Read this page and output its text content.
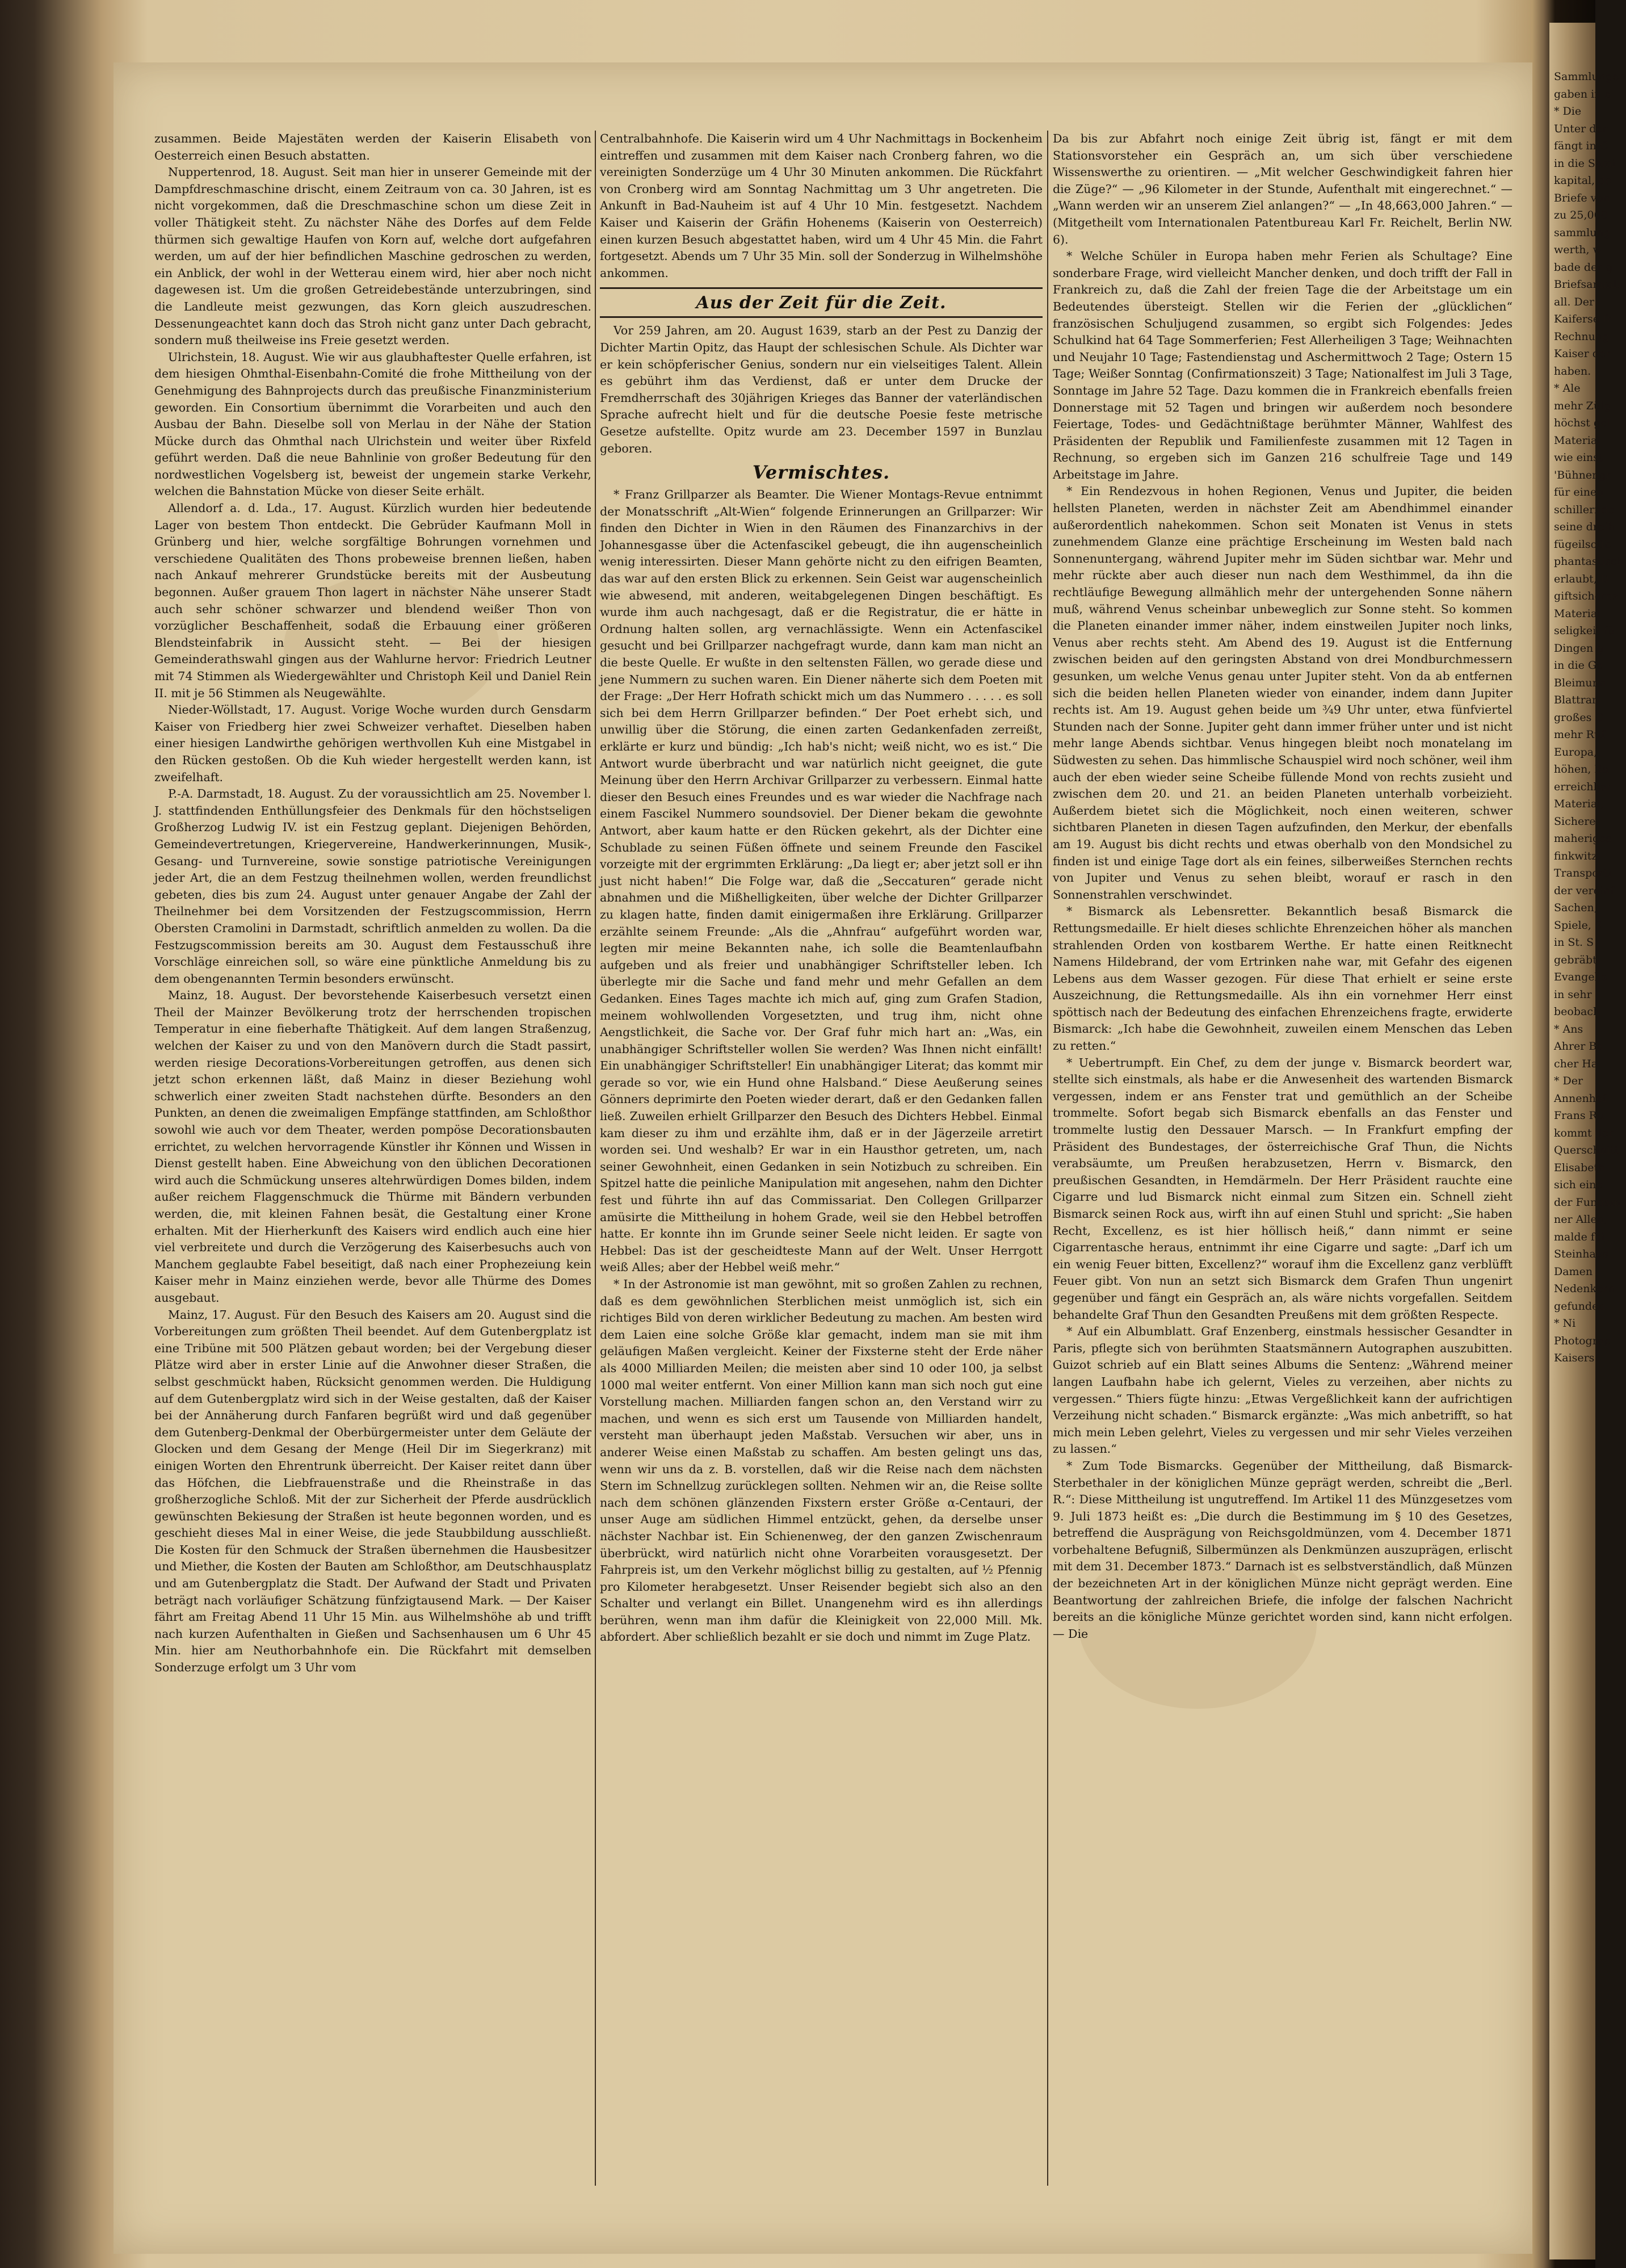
Sammlungen
gaben in a
* Die
Unter der
fängt in C
in die Sami
kapital, de
Briefe von
zu 25,000
sammlung
werth, w
bade der g
Briefsammlu
all. Der
Kaiferse fr
Rechnung
Kaiser der
haben.
* Ale
mehr Zülg
höchst gel
Material
wie einst
'Bühnengr
für einen
schillernde
seine dreih
fügeilsoffe
phantastisch
erlaubt, D
giftsicheres
Material
seligkeit fü
Dingen g
in die Ge
Bleimunn
Blattran
großes G
mehr Ruf
Europa,
höhen, Ba
erreichbar
Material,
Sichere
maheriges
finkwitz
Transporti
der vereinf
Sachen,
Spiele, S
in St. S
gebräbt.
Evangelis
in sehr
beobach
* Ans
Ahrer Ba
cher Ha
* Der
Annenhof
Frans Ru
kommt der
Querschnitt
Elisabeth
sich eine
der Fundam
ner Allen,
malde fei
Steinhaus
Damen
Nedenkern
gefunden
* Ni
Photograp
Kaisers

zusammen. Beide Majestäten werden der Kaiserin Elisabeth von Oesterreich einen Besuch abstatten.

Nuppertenrod, 18. August. Seit man hier in unserer Gemeinde mit der Dampfdreschmaschine drischt, einem Zeitraum von ca. 30 Jahren, ist es nicht vorgekommen, daß die Dreschmaschine schon um diese Zeit in voller Thätigkeit steht. Zu nächster Nähe des Dorfes auf dem Felde thürmen sich gewaltige Haufen von Korn auf, welche dort aufgefahren werden, um auf der hier befindlichen Maschine gedroschen zu werden, ein Anblick, der wohl in der Wetterau einem wird, hier aber noch nicht dagewesen ist. Um die großen Getreidebestände unterzubringen, sind die Landleute meist gezwungen, das Korn gleich auszudreschen. Dessenungeachtet kann doch das Stroh nicht ganz unter Dach gebracht, sondern muß theilweise ins Freie gesetzt werden.

Ulrichstein, 18. August. Wie wir aus glaubhaftester Quelle erfahren, ist dem hiesigen Ohmthal-Eisenbahn-Comité die frohe Mittheilung von der Genehmigung des Bahnprojects durch das preußische Finanzministerium geworden. Ein Consortium übernimmt die Vorarbeiten und auch den Ausbau der Bahn. Dieselbe soll von Merlau in der Nähe der Station Mücke durch das Ohmthal nach Ulrichstein und weiter über Rixfeld geführt werden. Daß die neue Bahnlinie von großer Bedeutung für den nordwestlichen Vogelsberg ist, beweist der ungemein starke Verkehr, welchen die Bahnstation Mücke von dieser Seite erhält.

Allendorf a. d. Lda., 17. August. Kürzlich wurden hier bedeutende Lager von bestem Thon entdeckt. Die Gebrüder Kaufmann Moll in Grünberg und hier, welche sorgfältige Bohrungen vornehmen und verschiedene Qualitäten des Thons probeweise brennen ließen, haben nach Ankauf mehrerer Grundstücke bereits mit der Ausbeutung begonnen. Außer grauem Thon lagert in nächster Nähe unserer Stadt auch sehr schöner schwarzer und blendend weißer Thon von vorzüglicher Beschaffenheit, sodaß die Erbauung einer größeren Blendsteinfabrik in Aussicht steht. — Bei der hiesigen Gemeinderathswahl gingen aus der Wahlurne hervor: Friedrich Leutner mit 74 Stimmen als Wiedergewählter und Christoph Keil und Daniel Rein II. mit je 56 Stimmen als Neugewählte.

Nieder-Wöllstadt, 17. August. Vorige Woche wurden durch Gensdarm Kaiser von Friedberg hier zwei Schweizer verhaftet. Dieselben haben einer hiesigen Landwirthe gehörigen werthvollen Kuh eine Mistgabel in den Rücken gestoßen. Ob die Kuh wieder hergestellt werden kann, ist zweifelhaft.

P.-A. Darmstadt, 18. August. Zu der voraussichtlich am 25. November l. J. stattfindenden Enthüllungsfeier des Denkmals für den höchstseligen Großherzog Ludwig IV. ist ein Festzug geplant. Diejenigen Behörden, Gemeindevertretungen, Kriegervereine, Handwerkerinnungen, Musik-, Gesang- und Turnvereine, sowie sonstige patriotische Vereinigungen jeder Art, die an dem Festzug theilnehmen wollen, werden freundlichst gebeten, dies bis zum 24. August unter genauer Angabe der Zahl der Theilnehmer bei dem Vorsitzenden der Festzugscommission, Herrn Obersten Cramolini in Darmstadt, schriftlich anmelden zu wollen. Da die Festzugscommission bereits am 30. August dem Festausschuß ihre Vorschläge einreichen soll, so wäre eine pünktliche Anmeldung bis zu dem obengenannten Termin besonders erwünscht.

Mainz, 18. August. Der bevorstehende Kaiserbesuch versetzt einen Theil der Mainzer Bevölkerung trotz der herrschenden tropischen Temperatur in eine fieberhafte Thätigkeit. Auf dem langen Straßenzug, welchen der Kaiser zu und von den Manövern durch die Stadt passirt, werden riesige Decorations-Vorbereitungen getroffen, aus denen sich jetzt schon erkennen läßt, daß Mainz in dieser Beziehung wohl schwerlich einer zweiten Stadt nachstehen dürfte. Besonders an den Punkten, an denen die zweimaligen Empfänge stattfinden, am Schloßthor sowohl wie auch vor dem Theater, werden pompöse Decorationsbauten errichtet, zu welchen hervorragende Künstler ihr Können und Wissen in Dienst gestellt haben. Eine Abweichung von den üblichen Decorationen wird auch die Schmückung unseres altehrwürdigen Domes bilden, indem außer reichem Flaggenschmuck die Thürme mit Bändern verbunden werden, die, mit kleinen Fahnen besät, die Gestaltung einer Krone erhalten. Mit der Hierherkunft des Kaisers wird endlich auch eine hier viel verbreitete und durch die Verzögerung des Kaiserbesuchs auch von Manchem geglaubte Fabel beseitigt, daß nach einer Prophezeiung kein Kaiser mehr in Mainz einziehen werde, bevor alle Thürme des Domes ausgebaut.

Mainz, 17. August. Für den Besuch des Kaisers am 20. August sind die Vorbereitungen zum größten Theil beendet. Auf dem Gutenbergplatz ist eine Tribüne mit 500 Plätzen gebaut worden; bei der Vergebung dieser Plätze wird aber in erster Linie auf die Anwohner dieser Straßen, die selbst geschmückt haben, Rücksicht genommen werden. Die Huldigung auf dem Gutenbergplatz wird sich in der Weise gestalten, daß der Kaiser bei der Annäherung durch Fanfaren begrüßt wird und daß gegenüber dem Gutenberg-Denkmal der Oberbürgermeister unter dem Geläute der Glocken und dem Gesang der Menge (Heil Dir im Siegerkranz) mit einigen Worten den Ehrentrunk überreicht. Der Kaiser reitet dann über das Höfchen, die Liebfrauenstraße und die Rheinstraße in das großherzogliche Schloß. Mit der zur Sicherheit der Pferde ausdrücklich gewünschten Bekiesung der Straßen ist heute begonnen worden, und es geschieht dieses Mal in einer Weise, die jede Staubbildung ausschließt. Die Kosten für den Schmuck der Straßen übernehmen die Hausbesitzer und Miether, die Kosten der Bauten am Schloßthor, am Deutschhausplatz und am Gutenbergplatz die Stadt. Der Aufwand der Stadt und Privaten beträgt nach vorläufiger Schätzung fünfzigtausend Mark. — Der Kaiser fährt am Freitag Abend 11 Uhr 15 Min. aus Wilhelmshöhe ab und trifft nach kurzen Aufenthalten in Gießen und Sachsenhausen um 6 Uhr 45 Min. hier am Neuthorbahnhofe ein. Die Rückfahrt mit demselben Sonderzuge erfolgt um 3 Uhr vom

Centralbahnhofe. Die Kaiserin wird um 4 Uhr Nachmittags in Bockenheim eintreffen und zusammen mit dem Kaiser nach Cronberg fahren, wo die vereinigten Sonderzüge um 4 Uhr 30 Minuten ankommen. Die Rückfahrt von Cronberg wird am Sonntag Nachmittag um 3 Uhr angetreten. Die Ankunft in Bad-Nauheim ist auf 4 Uhr 10 Min. festgesetzt. Nachdem Kaiser und Kaiserin der Gräfin Hohenems (Kaiserin von Oesterreich) einen kurzen Besuch abgestattet haben, wird um 4 Uhr 45 Min. die Fahrt fortgesetzt. Abends um 7 Uhr 35 Min. soll der Sonderzug in Wilhelmshöhe ankommen.

Aus der Zeit für die Zeit.

Vor 259 Jahren, am 20. August 1639, starb an der Pest zu Danzig der Dichter Martin Opitz, das Haupt der schlesischen Schule. Als Dichter war er kein schöpferischer Genius, sondern nur ein vielseitiges Talent. Allein es gebührt ihm das Verdienst, daß er unter dem Drucke der Fremdherrschaft des 30jährigen Krieges das Banner der vaterländischen Sprache aufrecht hielt und für die deutsche Poesie feste metrische Gesetze aufstellte. Opitz wurde am 23. December 1597 in Bunzlau geboren.

Vermischtes.

* Franz Grillparzer als Beamter. Die Wiener Montags-Revue entnimmt der Monatsschrift „Alt-Wien“ folgende Erinnerungen an Grillparzer: Wir finden den Dichter in Wien in den Räumen des Finanzarchivs in der Johannesgasse über die Actenfascikel gebeugt, die ihn augenscheinlich wenig interessirten. Dieser Mann gehörte nicht zu den eifrigen Beamten, das war auf den ersten Blick zu erkennen. Sein Geist war augenscheinlich wie abwesend, mit anderen, weitabgelegenen Dingen beschäftigt. Es wurde ihm auch nachgesagt, daß er die Registratur, die er hätte in Ordnung halten sollen, arg vernachlässigte. Wenn ein Actenfascikel gesucht und bei Grillparzer nachgefragt wurde, dann kam man nicht an die beste Quelle. Er wußte in den seltensten Fällen, wo gerade diese und jene Nummern zu suchen waren. Ein Diener näherte sich dem Poeten mit der Frage: „Der Herr Hofrath schickt mich um das Nummero . . . . . es soll sich bei dem Herrn Grillparzer befinden.“ Der Poet erhebt sich, und unwillig über die Störung, die einen zarten Gedankenfaden zerreißt, erklärte er kurz und bündig: „Ich hab's nicht; weiß nicht, wo es ist.“ Die Antwort wurde überbracht und war natürlich nicht geeignet, die gute Meinung über den Herrn Archivar Grillparzer zu verbessern. Einmal hatte dieser den Besuch eines Freundes und es war wieder die Nachfrage nach einem Fascikel Nummero soundsoviel. Der Diener bekam die gewohnte Antwort, aber kaum hatte er den Rücken gekehrt, als der Dichter eine Schublade zu seinen Füßen öffnete und seinem Freunde den Fascikel vorzeigte mit der ergrimmten Erklärung: „Da liegt er; aber jetzt soll er ihn just nicht haben!“ Die Folge war, daß die „Seccaturen“ gerade nicht abnahmen und die Mißhelligkeiten, über welche der Dichter Grillparzer zu klagen hatte, finden damit einigermaßen ihre Erklärung. Grillparzer erzählte seinem Freunde: „Als die „Ahnfrau“ aufgeführt worden war, legten mir meine Bekannten nahe, ich solle die Beamtenlaufbahn aufgeben und als freier und unabhängiger Schriftsteller leben. Ich überlegte mir die Sache und fand mehr und mehr Gefallen an dem Gedanken. Eines Tages machte ich mich auf, ging zum Grafen Stadion, meinem wohlwollenden Vorgesetzten, und trug ihm, nicht ohne Aengstlichkeit, die Sache vor. Der Graf fuhr mich hart an: „Was, ein unabhängiger Schriftsteller wollen Sie werden? Was Ihnen nicht einfällt! Ein unabhängiger Schriftsteller! Ein unabhängiger Literat; das kommt mir gerade so vor, wie ein Hund ohne Halsband.“ Diese Aeußerung seines Gönners deprimirte den Poeten wieder derart, daß er den Gedanken fallen ließ. Zuweilen erhielt Grillparzer den Besuch des Dichters Hebbel. Einmal kam dieser zu ihm und erzählte ihm, daß er in der Jägerzeile arretirt worden sei. Und weshalb? Er war in ein Hausthor getreten, um, nach seiner Gewohnheit, einen Gedanken in sein Notizbuch zu schreiben. Ein Spitzel hatte die peinliche Manipulation mit angesehen, nahm den Dichter fest und führte ihn auf das Commissariat. Den Collegen Grillparzer amüsirte die Mittheilung in hohem Grade, weil sie den Hebbel betroffen hatte. Er konnte ihn im Grunde seiner Seele nicht leiden. Er sagte von Hebbel: Das ist der gescheidteste Mann auf der Welt. Unser Herrgott weiß Alles; aber der Hebbel weiß mehr.“

* In der Astronomie ist man gewöhnt, mit so großen Zahlen zu rechnen, daß es dem gewöhnlichen Sterblichen meist unmöglich ist, sich ein richtiges Bild von deren wirklicher Bedeutung zu machen. Am besten wird dem Laien eine solche Größe klar gemacht, indem man sie mit ihm geläufigen Maßen vergleicht. Keiner der Fixsterne steht der Erde näher als 4000 Milliarden Meilen; die meisten aber sind 10 oder 100, ja selbst 1000 mal weiter entfernt. Von einer Million kann man sich noch gut eine Vorstellung machen. Milliarden fangen schon an, den Verstand wirr zu machen, und wenn es sich erst um Tausende von Milliarden handelt, versteht man überhaupt jeden Maßstab. Versuchen wir aber, uns in anderer Weise einen Maßstab zu schaffen. Am besten gelingt uns das, wenn wir uns da z. B. vorstellen, daß wir die Reise nach dem nächsten Stern im Schnellzug zurücklegen sollten. Nehmen wir an, die Reise sollte nach dem schönen glänzenden Fixstern erster Größe α-Centauri, der unser Auge am südlichen Himmel entzückt, gehen, da derselbe unser nächster Nachbar ist. Ein Schienenweg, der den ganzen Zwischenraum überbrückt, wird natürlich nicht ohne Vorarbeiten vorausgesetzt. Der Fahrpreis ist, um den Verkehr möglichst billig zu gestalten, auf ½ Pfennig pro Kilometer herabgesetzt. Unser Reisender begiebt sich also an den Schalter und verlangt ein Billet. Unangenehm wird es ihn allerdings berühren, wenn man ihm dafür die Kleinigkeit von 22,000 Mill. Mk. abfordert. Aber schließlich bezahlt er sie doch und nimmt im Zuge Platz.

Da bis zur Abfahrt noch einige Zeit übrig ist, fängt er mit dem Stationsvorsteher ein Gespräch an, um sich über verschiedene Wissenswerthe zu orientiren. — „Mit welcher Geschwindigkeit fahren hier die Züge?“ — „96 Kilometer in der Stunde, Aufenthalt mit eingerechnet.“ — „Wann werden wir an unserem Ziel anlangen?“ — „In 48,663,000 Jahren.“ — (Mitgetheilt vom Internationalen Patentbureau Karl Fr. Reichelt, Berlin NW. 6).

* Welche Schüler in Europa haben mehr Ferien als Schultage? Eine sonderbare Frage, wird vielleicht Mancher denken, und doch trifft der Fall in Frankreich zu, daß die Zahl der freien Tage die der Arbeitstage um ein Bedeutendes übersteigt. Stellen wir die Ferien der „glücklichen“ französischen Schuljugend zusammen, so ergibt sich Folgendes: Jedes Schulkind hat 64 Tage Sommerferien; Fest Allerheiligen 3 Tage; Weihnachten und Neujahr 10 Tage; Fastendienstag und Aschermittwoch 2 Tage; Ostern 15 Tage; Weißer Sonntag (Confirmationszeit) 3 Tage; Nationalfest im Juli 3 Tage, Sonntage im Jahre 52 Tage. Dazu kommen die in Frankreich ebenfalls freien Donnerstage mit 52 Tagen und bringen wir außerdem noch besondere Feiertage, Todes- und Gedächtnißtage berühmter Männer, Wahlfest des Präsidenten der Republik und Familienfeste zusammen mit 12 Tagen in Rechnung, so ergeben sich im Ganzen 216 schulfreie Tage und 149 Arbeitstage im Jahre.

* Ein Rendezvous in hohen Regionen, Venus und Jupiter, die beiden hellsten Planeten, werden in nächster Zeit am Abendhimmel einander außerordentlich nahekommen. Schon seit Monaten ist Venus in stets zunehmendem Glanze eine prächtige Erscheinung im Westen bald nach Sonnenuntergang, während Jupiter mehr im Süden sichtbar war. Mehr und mehr rückte aber auch dieser nun nach dem Westhimmel, da ihn die rechtläufige Bewegung allmählich mehr der untergehenden Sonne nähern muß, während Venus scheinbar unbeweglich zur Sonne steht. So kommen die Planeten einander immer näher, indem einstweilen Jupiter noch links, Venus aber rechts steht. Am Abend des 19. August ist die Entfernung zwischen beiden auf den geringsten Abstand von drei Mondburchmessern gesunken, um welche Venus genau unter Jupiter steht. Von da ab entfernen sich die beiden hellen Planeten wieder von einander, indem dann Jupiter rechts ist. Am 19. August gehen beide um ¾9 Uhr unter, etwa fünfviertel Stunden nach der Sonne. Jupiter geht dann immer früher unter und ist nicht mehr lange Abends sichtbar. Venus hingegen bleibt noch monatelang im Südwesten zu sehen. Das himmlische Schauspiel wird noch schöner, weil ihm auch der eben wieder seine Scheibe füllende Mond von rechts zusieht und zwischen dem 20. und 21. an beiden Planeten unterhalb vorbeizieht. Außerdem bietet sich die Möglichkeit, noch einen weiteren, schwer sichtbaren Planeten in diesen Tagen aufzufinden, den Merkur, der ebenfalls am 19. August bis dicht rechts und etwas oberhalb von den Mondsichel zu finden ist und einige Tage dort als ein feines, silberweißes Sternchen rechts von Jupiter und Venus zu sehen bleibt, worauf er rasch in den Sonnenstrahlen verschwindet.

* Bismarck als Lebensretter. Bekanntlich besaß Bismarck die Rettungsmedaille. Er hielt dieses schlichte Ehrenzeichen höher als manchen strahlenden Orden von kostbarem Werthe. Er hatte einen Reitknecht Namens Hildebrand, der vom Ertrinken nahe war, mit Gefahr des eigenen Lebens aus dem Wasser gezogen. Für diese That erhielt er seine erste Auszeichnung, die Rettungsmedaille. Als ihn ein vornehmer Herr einst spöttisch nach der Bedeutung des einfachen Ehrenzeichens fragte, erwiderte Bismarck: „Ich habe die Gewohnheit, zuweilen einem Menschen das Leben zu retten.“

* Uebertrumpft. Ein Chef, zu dem der junge v. Bismarck beordert war, stellte sich einstmals, als habe er die Anwesenheit des wartenden Bismarck vergessen, indem er ans Fenster trat und gemüthlich an der Scheibe trommelte. Sofort begab sich Bismarck ebenfalls an das Fenster und trommelte lustig den Dessauer Marsch. — In Frankfurt empfing der Präsident des Bundestages, der österreichische Graf Thun, die Nichts verabsäumte, um Preußen herabzusetzen, Herrn v. Bismarck, den preußischen Gesandten, in Hemdärmeln. Der Herr Präsident rauchte eine Cigarre und lud Bismarck nicht einmal zum Sitzen ein. Schnell zieht Bismarck seinen Rock aus, wirft ihn auf einen Stuhl und spricht: „Sie haben Recht, Excellenz, es ist hier höllisch heiß,“ dann nimmt er seine Cigarrentasche heraus, entnimmt ihr eine Cigarre und sagte: „Darf ich um ein wenig Feuer bitten, Excellenz?“ worauf ihm die Excellenz ganz verblüfft Feuer gibt. Von nun an setzt sich Bismarck dem Grafen Thun ungenirt gegenüber und fängt ein Gespräch an, als wäre nichts vorgefallen. Seitdem behandelte Graf Thun den Gesandten Preußens mit dem größten Respecte.

* Auf ein Albumblatt. Graf Enzenberg, einstmals hessischer Gesandter in Paris, pflegte sich von berühmten Staatsmännern Autographen auszubitten. Guizot schrieb auf ein Blatt seines Albums die Sentenz: „Während meiner langen Laufbahn habe ich gelernt, Vieles zu verzeihen, aber nichts zu vergessen.“ Thiers fügte hinzu: „Etwas Vergeßlichkeit kann der aufrichtigen Verzeihung nicht schaden.“ Bismarck ergänzte: „Was mich anbetrifft, so hat mich mein Leben gelehrt, Vieles zu vergessen und mir sehr Vieles verzeihen zu lassen.“

* Zum Tode Bismarcks. Gegenüber der Mittheilung, daß Bismarck-Sterbethaler in der königlichen Münze geprägt werden, schreibt die „Berl. R.“: Diese Mittheilung ist ungutreffend. Im Artikel 11 des Münzgesetzes vom 9. Juli 1873 heißt es: „Die durch die Bestimmung im § 10 des Gesetzes, betreffend die Ausprägung von Reichsgoldmünzen, vom 4. December 1871 vorbehaltene Befugniß, Silbermünzen als Denkmünzen auszuprägen, erlischt mit dem 31. December 1873.“ Darnach ist es selbstverständlich, daß Münzen der bezeichneten Art in der königlichen Münze nicht geprägt werden. Eine Beantwortung der zahlreichen Briefe, die infolge der falschen Nachricht bereits an die königliche Münze gerichtet worden sind, kann nicht erfolgen. — Die
